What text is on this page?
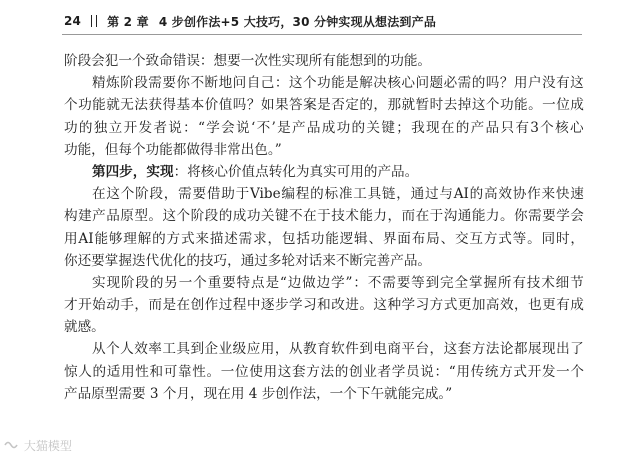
24 第 2 章 4 步创作法+5 大技巧，30 分钟实现从想法到产品
阶段会犯一个致命错误：想要一次性实现所有能想到的功能。
精 炼 阶 段 需 要 你 不 断 地 问 自 己 ： 这 个 功 能 是 解 决 核 心 问 题 必 需 的 吗 ？ 用 户 没 有 这
个 功 能 就 无 法 获 得 基 本 价 值 吗 ？ 如 果 答 案 是 否 定 的 ， 那 就 暂 时 去 掉 这 个 功 能 。 一 位 成
功 的 独 立 开 发 者 说 ： “ 学 会 说 ‘ 不 ’ 是 产 品 成 功 的 关 键 ； 我 现 在 的 产 品 只 有 3 个 核 心
功能，但每个功能都做得非常出色。”
第四步，实现 ：将核心价值点转化为真实可用的产品。
在 这 个 阶 段 ， 需 要 借 助 于 Vibe 编 程 的 标 准 工 具 链 ， 通 过 与 AI 的 高 效 协 作 来 快 速
构 建 产 品 原 型 。 这 个 阶 段 的 成 功 关 键 不 在 于 技 术 能 力 ， 而 在 于 沟 通 能 力 。 你 需 要 学 会
用 AI 能 够 理 解 的 方 式 来 描 述 需 求 ， 包 括 功 能 逻 辑 、 界 面 布 局 、 交 互 方 式 等 。 同 时 ，
你还要掌握迭代优化的技巧，通过多轮对话来不断完善产品。
实 现 阶 段 的 另 一 个 重 要 特 点 是 “ 边 做 边 学 ” ： 不 需 要 等 到 完 全 掌 握 所 有 技 术 细 节
才 开 始 动 手 ， 而 是 在 创 作 过 程 中 逐 步 学 习 和 改 进 。 这 种 学 习 方 式 更 加 高 效 ， 也 更 有 成
就感。
从 个 人 效 率 工 具 到 企 业 级 应 用 ， 从 教 育 软 件 到 电 商 平 台 ， 这 套 方 法 论 都 展 现 出 了
惊 人 的 适 用 性 和 可 靠 性 。 一 位 使 用 这 套 方 法 的 创 业 者 学 员 说 ： “ 用 传 统 方 式 开 发 一 个
产品原型需要 3 个月，现在用 4 步创作法，一个下午就能完成。”
大猫模型
